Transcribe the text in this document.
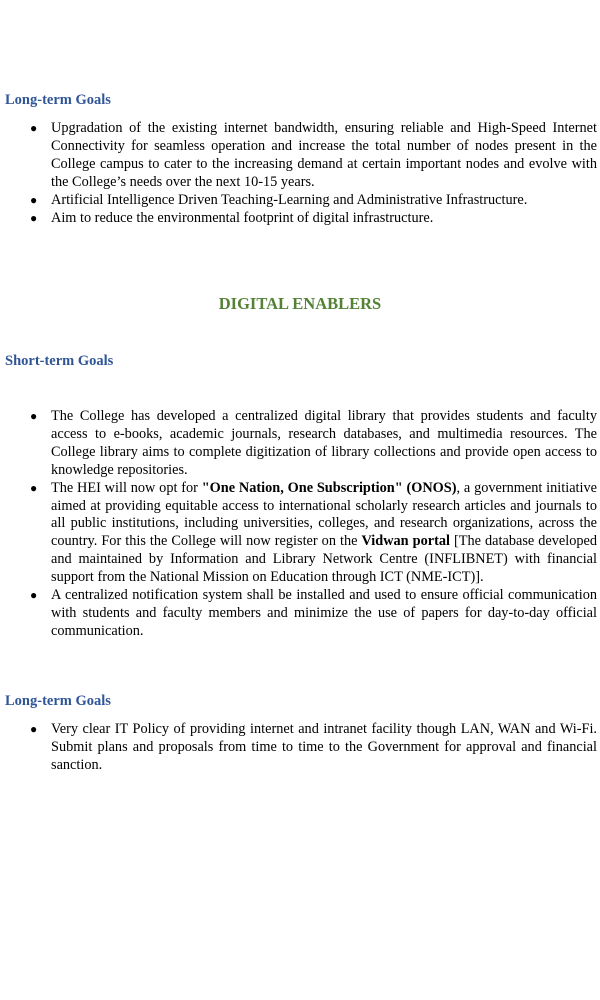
Long-term Goals
● Upgradation of the existing internet bandwidth, ensuring reliable and High-Speed Internet Connectivity for seamless operation and increase the total number of nodes present in the College campus to cater to the increasing demand at certain important nodes and evolve with the College’s needs over the next 10-15 years.
● Artificial Intelligence Driven Teaching-Learning and Administrative Infrastructure.
● Aim to reduce the environmental footprint of digital infrastructure.
DIGITAL ENABLERS
Short-term Goals
● The College has developed a centralized digital library that provides students and faculty access to e-books, academic journals, research databases, and multimedia resources. The College library aims to complete digitization of library collections and provide open access to knowledge repositories.
● The HEI will now opt for "One Nation, One Subscription" (ONOS), a government initiative aimed at providing equitable access to international scholarly research articles and journals to all public institutions, including universities, colleges, and research organizations, across the country. For this the College will now register on the Vidwan portal [The database developed and maintained by Information and Library Network Centre (INFLIBNET) with financial support from the National Mission on Education through ICT (NME-ICT)].
● A centralized notification system shall be installed and used to ensure official communication with students and faculty members and minimize the use of papers for day-to-day official communication.
Long-term Goals
● Very clear IT Policy of providing internet and intranet facility though LAN, WAN and Wi-Fi. Submit plans and proposals from time to time to the Government for approval and financial sanction.
